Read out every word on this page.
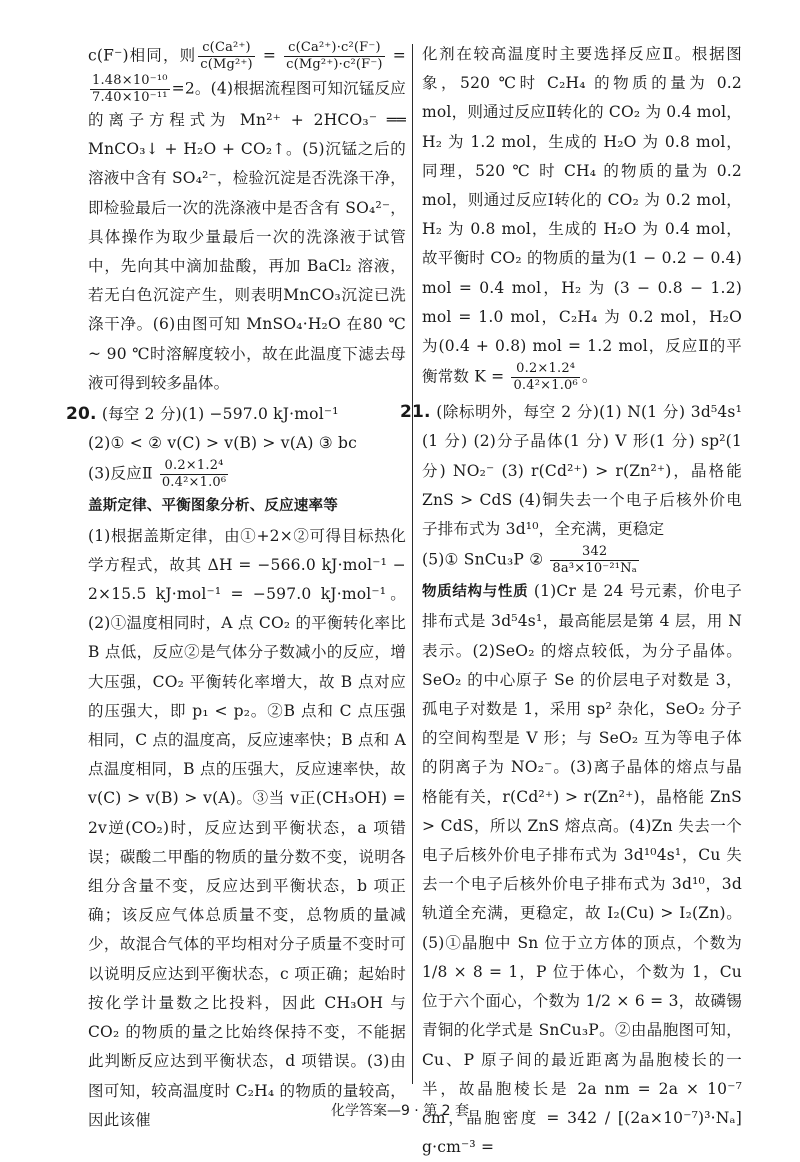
c(F⁻)相同，则 $\frac{\text{c(Ca²⁺)}}{\text{c(Mg²⁺)}} = \frac{\text{c(Ca²⁺)·c²(F⁻)}}{\text{c(Mg²⁺)·c²(F⁻)}}$ =
$\frac{\text{1.48×10⁻¹⁰}}{\text{7.40×10⁻¹¹}} =2$。(4)根据流程图可知沉锰反应的离子方程式为 Mn²⁺ + 2HCO₃⁻ ══ MnCO₃↓ + H₂O + CO₂↑。(5)沉锰之后的溶液中含有 SO₄²⁻，检验沉淀是否洗涤干净，即检验最后一次的洗涤液中是否含有 SO₄²⁻，具体操作为取少量最后一次的洗涤液于试管中，先向其中滴加盐酸，再加 BaCl₂ 溶液，若无白色沉淀产生，则表明MnCO₃沉淀已洗涤干净。(6)由图可知 MnSO₄·H₂O 在80 ℃ ~ 90 ℃时溶解度较小，故在此温度下滤去母液可得到较多晶体。

20. (每空 2 分)(1) −597.0 kJ·mol⁻¹

(2)① < ② v(C) > v(B) > v(A) ③ bc

(3)反应Ⅱ $\frac{\text{0.2×1.2⁴}}{\text{0.4²×1.0⁶}}$

盖斯定律、平衡图象分析、反应速率等

(1)根据盖斯定律，由①+2×②可得目标热化学方程式，故其 ΔH = −566.0 kJ·mol⁻¹ − 2×15.5 kJ·mol⁻¹ = −597.0 kJ·mol⁻¹。(2)①温度相同时，A 点 CO₂ 的平衡转化率比 B 点低，反应②是气体分子数减小的反应，增大压强，CO₂ 平衡转化率增大，故 B 点对应的压强大，即 p₁ < p₂。②B 点和 C 点压强相同，C 点的温度高，反应速率快；B 点和 A 点温度相同，B 点的压强大，反应速率快，故 v(C) > v(B) > v(A)。③当 v正(CH₃OH) = 2v逆(CO₂)时，反应达到平衡状态，a 项错误；碳酸二甲酯的物质的量分数不变，说明各组分含量不变，反应达到平衡状态，b 项正确；该反应气体总质量不变，总物质的量减少，故混合气体的平均相对分子质量不变时可以说明反应达到平衡状态，c 项正确；起始时按化学计量数之比投料，因此 CH₃OH 与 CO₂ 的物质的量之比始终保持不变，不能据此判断反应达到平衡状态，d 项错误。(3)由图可知，较高温度时 C₂H₄ 的物质的量较高，因此该催

化剂在较高温度时主要选择反应Ⅱ。根据图象，520 ℃时 C₂H₄ 的物质的量为 0.2 mol，则通过反应Ⅱ转化的 CO₂ 为 0.4 mol，H₂ 为 1.2 mol，生成的 H₂O 为 0.8 mol，同理，520 ℃ 时 CH₄ 的物质的量为 0.2 mol，则通过反应Ⅰ转化的 CO₂ 为 0.2 mol，H₂ 为 0.8 mol，生成的 H₂O 为 0.4 mol，故平衡时 CO₂ 的物质的量为(1 − 0.2 − 0.4) mol = 0.4 mol，H₂ 为 (3 − 0.8 − 1.2) mol = 1.0 mol，C₂H₄ 为 0.2 mol，H₂O 为(0.4 + 0.8) mol = 1.2 mol，反应Ⅱ的平衡常数 $K = \frac{\text{0.2×1.2⁴}}{\text{0.4²×1.0⁶}}$ 。

21. (除标明外，每空 2 分)(1) N(1 分) 3d⁵4s¹ (1 分) (2)分子晶体(1 分) V 形(1 分) sp²(1 分) NO₂⁻ (3) r(Cd²⁺) > r(Zn²⁺)，晶格能ZnS > CdS (4)铜失去一个电子后核外价电子排布式为 3d¹⁰，全充满，更稳定

(5)① SnCu₃P ② $\frac{342}{\text{8a³×10⁻²¹Nₐ}}$

物质结构与性质 (1)Cr 是 24 号元素，价电子排布式是 3d⁵4s¹，最高能层是第 4 层，用 N 表示。(2)SeO₂ 的熔点较低，为分子晶体。SeO₂ 的中心原子 Se 的价层电子对数是 3，孤电子对数是 1，采用 sp² 杂化，SeO₂ 分子的空间构型是 V 形；与 SeO₂ 互为等电子体的阴离子为 NO₂⁻。(3)离子晶体的熔点与晶格能有关，r(Cd²⁺) > r(Zn²⁺)，晶格能 ZnS > CdS，所以 ZnS 熔点高。(4)Zn 失去一个电子后核外价电子排布式为 3d¹⁰4s¹，Cu 失去一个电子后核外价电子排布式为 3d¹⁰，3d 轨道全充满，更稳定，故 I₂(Cu) > I₂(Zn)。(5)①晶胞中 Sn 位于立方体的顶点，个数为 1/8 × 8 = 1，P 位于体心，个数为 1，Cu 位于六个面心，个数为 1/2 × 6 = 3，故磷锡青铜的化学式是 SnCu₃P。②由晶胞图可知，Cu、P 原子间的最近距离为晶胞棱长的一半，故晶胞棱长是 2a nm = 2a × 10⁻⁷ cm，晶胞密度 = 342 / [(2a×10⁻⁷)³·Nₐ] g·cm⁻³ =

化学答案—9 · 第 2 套
